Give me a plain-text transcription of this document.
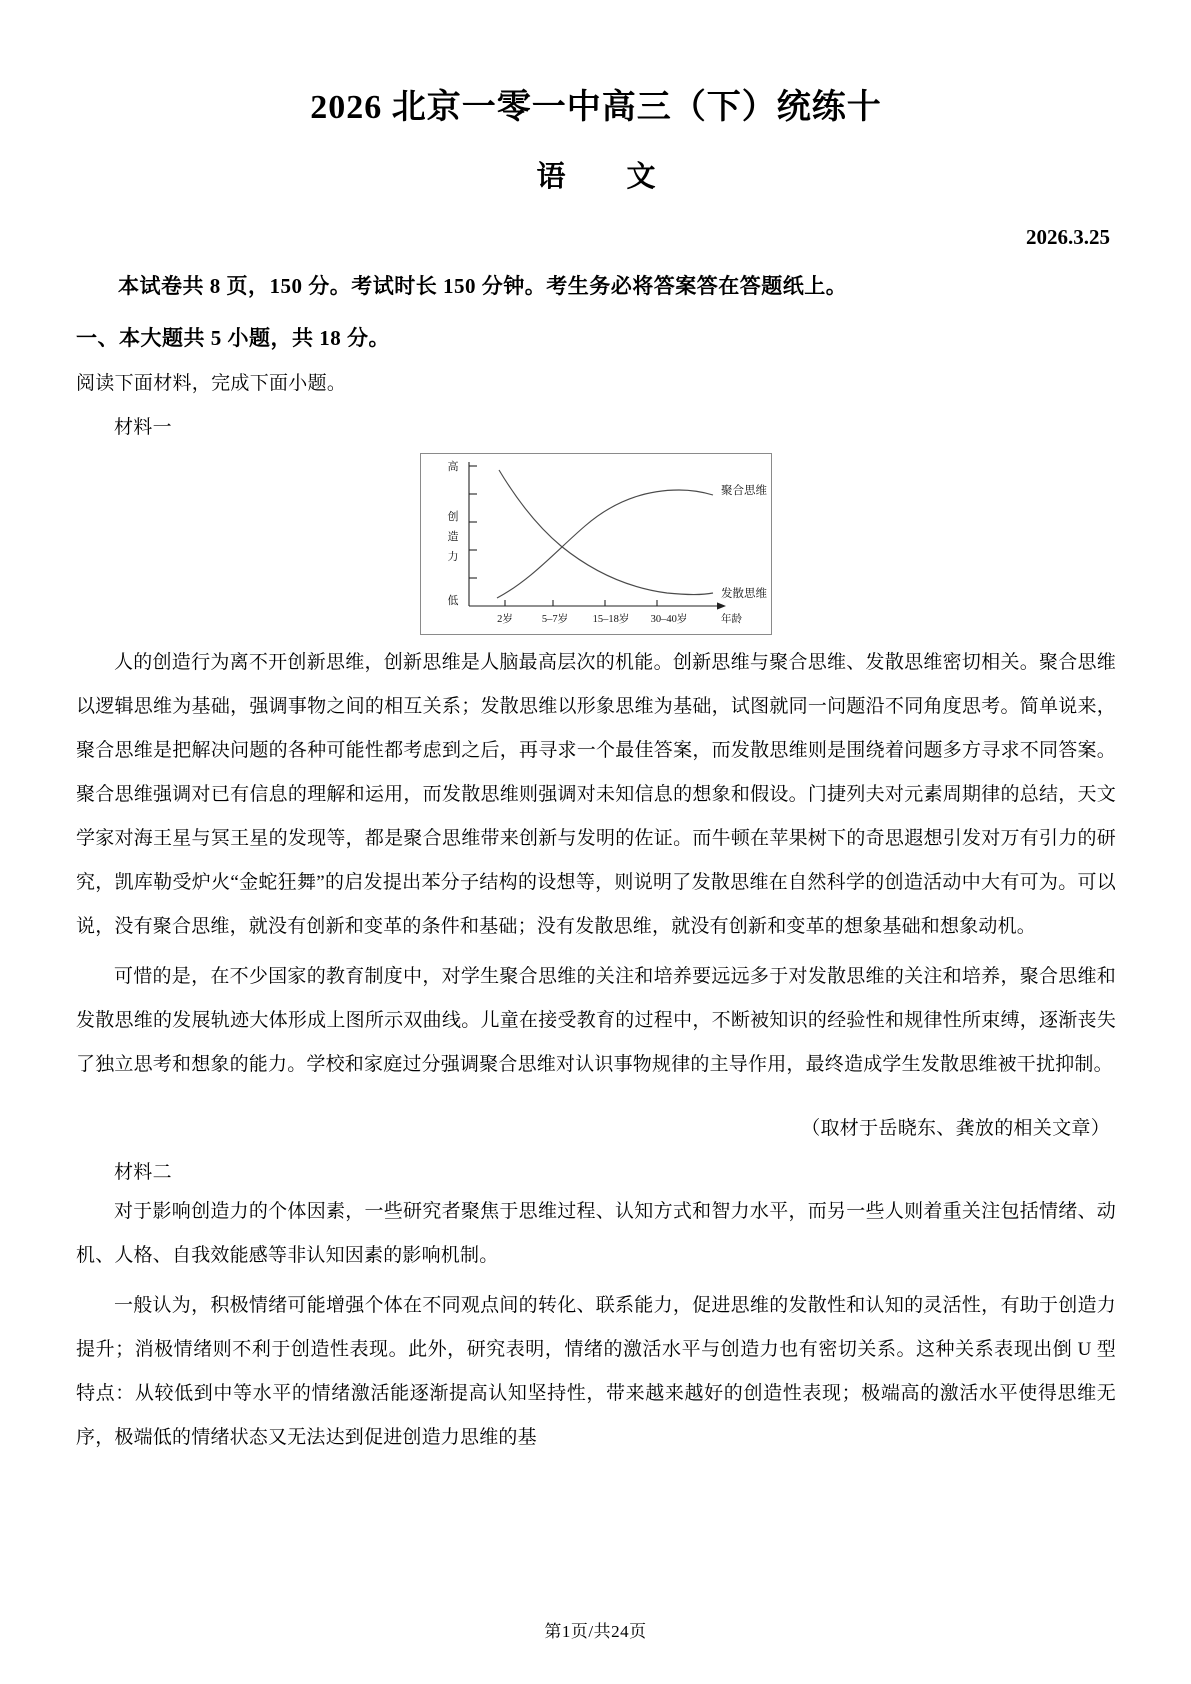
2026 北京一零一中高三（下）统练十
语　文
2026.3.25
本试卷共 8 页，150 分。考试时长 150 分钟。考生务必将答案答在答题纸上。
一、本大题共 5 小题，共 18 分。
阅读下面材料，完成下面小题。
材料一
高
创
造
力
低
聚合思维
发散思维
2岁	5–7岁 15–18岁 30–40岁	年龄

人的创造行为离不开创新思维，创新思维是人脑最高层次的机能。创新思维与聚合思维、发散思维密切相关。聚合思维以逻辑思维为基础，强调事物之间的相互关系；发散思维以形象思维为基础，试图就同一问题沿不同角度思考。简单说来，聚合思维是把解决问题的各种可能性都考虑到之后，再寻求一个最佳答案，而发散思维则是围绕着问题多方寻求不同答案。聚合思维强调对已有信息的理解和运用，而发散思维则强调对未知信息的想象和假设。门捷列夫对元素周期律的总结，天文学家对海王星与冥王星的发现等，都是聚合思维带来创新与发明的佐证。而牛顿在苹果树下的奇思遐想引发对万有引力的研究，凯库勒受炉火“金蛇狂舞”的启发提出苯分子结构的设想等，则说明了发散思维在自然科学的创造活动中大有可为。可以说，没有聚合思维，就没有创新和变革的条件和基础；没有发散思维，就没有创新和变革的想象基础和想象动机。

可惜的是，在不少国家的教育制度中，对学生聚合思维的关注和培养要远远多于对发散思维的关注和培养，聚合思维和发散思维的发展轨迹大体形成上图所示双曲线。儿童在接受教育的过程中，不断被知识的经验性和规律性所束缚，逐渐丧失了独立思考和想象的能力。学校和家庭过分强调聚合思维对认识事物规律的主导作用，最终造成学生发散思维被干扰抑制。

（取材于岳晓东、龚放的相关文章）
材料二

对于影响创造力的个体因素，一些研究者聚焦于思维过程、认知方式和智力水平，而另一些人则着重关注包括情绪、动机、人格、自我效能感等非认知因素的影响机制。

一般认为，积极情绪可能增强个体在不同观点间的转化、联系能力，促进思维的发散性和认知的灵活性，有助于创造力提升；消极情绪则不利于创造性表现。此外，研究表明，情绪的激活水平与创造力也有密切关系。这种关系表现出倒 U 型特点：从较低到中等水平的情绪激活能逐渐提高认知坚持性，带来越来越好的创造性表现；极端高的激活水平使得思维无序，极端低的情绪状态又无法达到促进创造力思维的基

第1页/共24页
